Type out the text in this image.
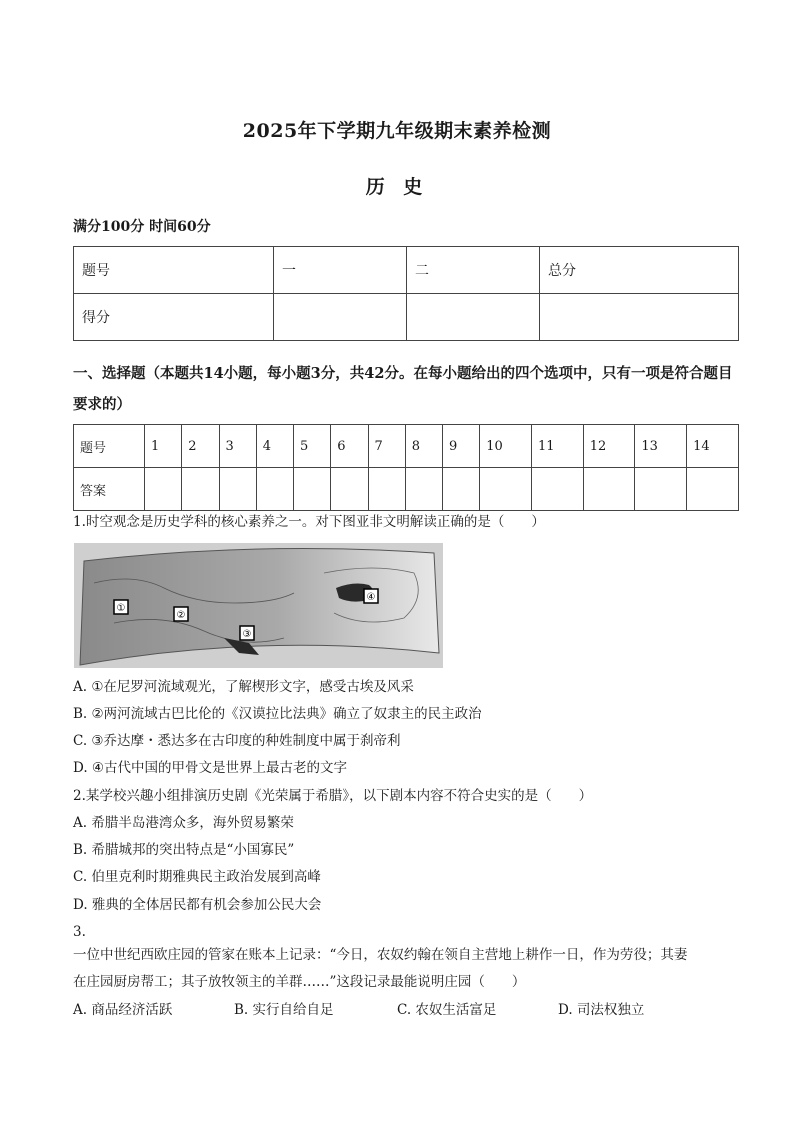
2025年下学期九年级期末素养检测
历 史
满分100分 时间60分
题号	一	二	总分
得分			
一、选择题（本题共14小题，每小题3分，共42分。在每小题给出的四个选项中，只有一项是符合题目要求的）
题号	1	2	3	4	5	6	7	8	9	10	11	12	13	14
答案														
1.时空观念是历史学科的核心素养之一。对下图亚非文明解读正确的是（　　）
①
②
③
④
A. ①在尼罗河流域观光，了解楔形文字，感受古埃及风采
B. ②两河流域古巴比伦的《汉谟拉比法典》确立了奴隶主的民主政治
C. ③乔达摩・悉达多在古印度的种姓制度中属于刹帝利
D. ④古代中国的甲骨文是世界上最古老的文字
2.某学校兴趣小组排演历史剧《光荣属于希腊》，以下剧本内容不符合史实的是（　　）
A. 希腊半岛港湾众多，海外贸易繁荣
B. 希腊城邦的突出特点是“小国寡民”
C. 伯里克利时期雅典民主政治发展到高峰
D. 雅典的全体居民都有机会参加公民大会
3.
一位中世纪西欧庄园的管家在账本上记录：“今日，农奴约翰在领自主营地上耕作一日，作为劳役；其妻
在庄园厨房帮工；其子放牧领主的羊群……”这段记录最能说明庄园（　　）
A. 商品经济活跃	B. 实行自给自足	C. 农奴生活富足	D. 司法权独立
